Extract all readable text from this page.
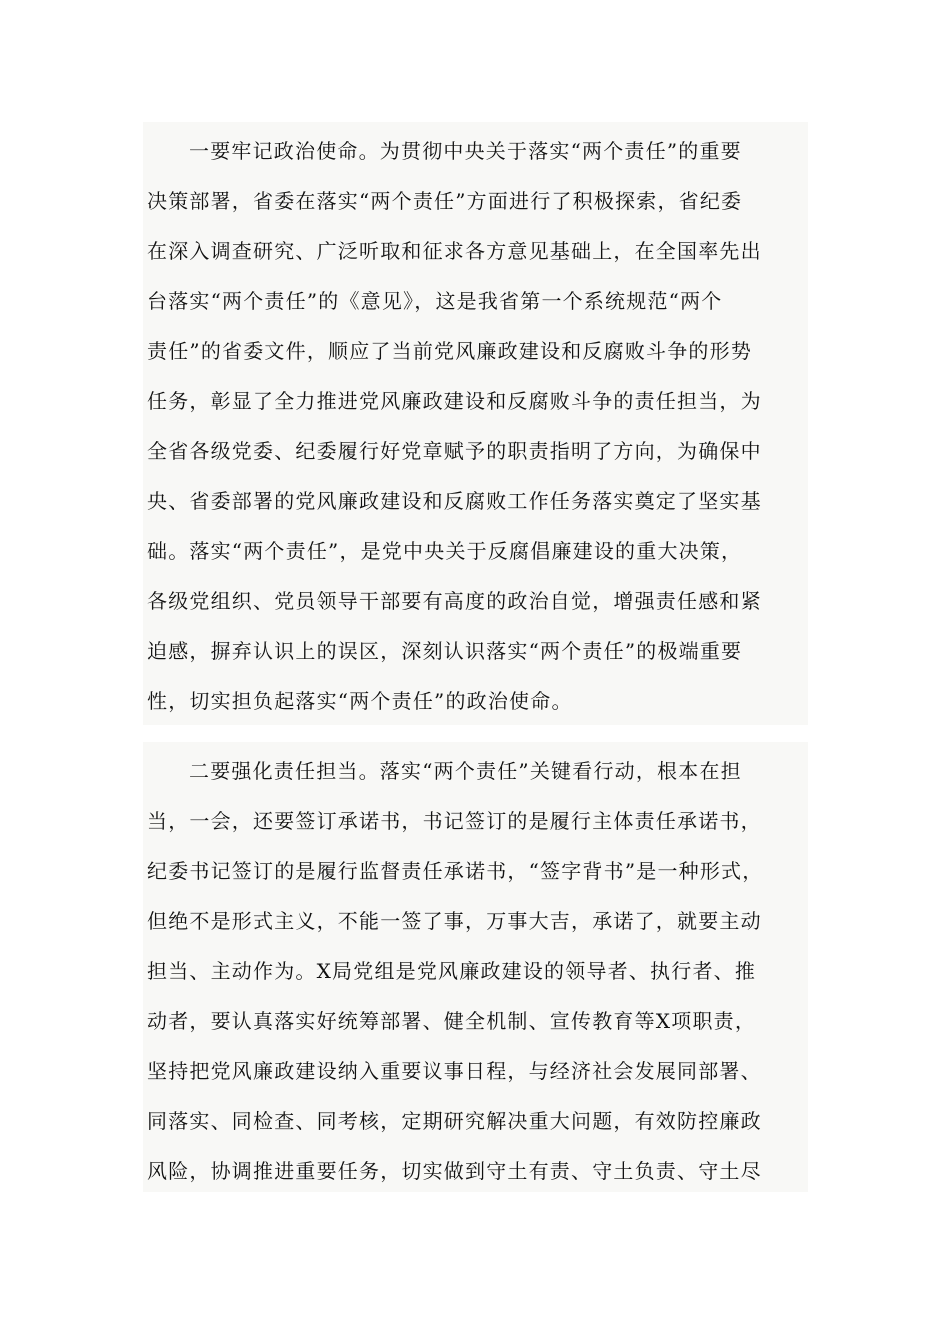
一要牢记政治使命。为贯彻中央关于落实“两个责任”的重要
决策部署，省委在落实“两个责任”方面进行了积极探索，省纪委
在深入调查研究、广泛听取和征求各方意见基础上，在全国率先出
台落实“两个责任”的《意见》，这是我省第一个系统规范“两个
责任”的省委文件，顺应了当前党风廉政建设和反腐败斗争的形势
任务，彰显了全力推进党风廉政建设和反腐败斗争的责任担当，为
全省各级党委、纪委履行好党章赋予的职责指明了方向，为确保中
央、省委部署的党风廉政建设和反腐败工作任务落实奠定了坚实基
础。落实“两个责任”，是党中央关于反腐倡廉建设的重大决策，
各级党组织、党员领导干部要有高度的政治自觉，增强责任感和紧
迫感，摒弃认识上的误区，深刻认识落实“两个责任”的极端重要
性，切实担负起落实“两个责任”的政治使命。
二要强化责任担当。落实“两个责任”关键看行动，根本在担
当，一会，还要签订承诺书，书记签订的是履行主体责任承诺书，
纪委书记签订的是履行监督责任承诺书，“签字背书”是一种形式，
但绝不是形式主义，不能一签了事，万事大吉，承诺了，就要主动
担当、主动作为。X局党组是党风廉政建设的领导者、执行者、推
动者，要认真落实好统筹部署、健全机制、宣传教育等X项职责，
坚持把党风廉政建设纳入重要议事日程，与经济社会发展同部署、
同落实、同检查、同考核，定期研究解决重大问题，有效防控廉政
风险，协调推进重要任务，切实做到守土有责、守土负责、守土尽
